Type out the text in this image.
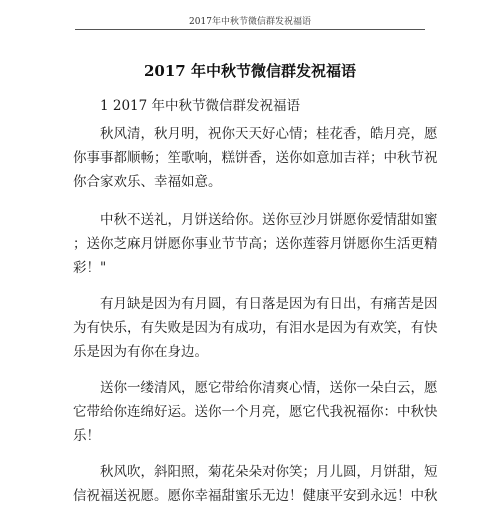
2017年中秋节微信群发祝福语
2017 年中秋节微信群发祝福语
1 2017 年中秋节微信群发祝福语
秋风清，秋月明，祝你天天好心情；桂花香，皓月亮，愿
你事事都顺畅；笙歌响，糕饼香，送你如意加吉祥；中秋节祝
你合家欢乐、幸福如意。
中秋不送礼，月饼送给你。送你豆沙月饼愿你爱情甜如蜜
；送你芝麻月饼愿你事业节节高；送你莲蓉月饼愿你生活更精
彩！"
有月缺是因为有月圆，有日落是因为有日出，有痛苦是因
为有快乐，有失败是因为有成功，有泪水是因为有欢笑，有快
乐是因为有你在身边。
送你一缕清风，愿它带给你清爽心情，送你一朵白云，愿
它带给你连绵好运。送你一个月亮，愿它代我祝福你：中秋快
乐！
秋风吹，斜阳照，菊花朵朵对你笑；月儿圆，月饼甜，短
信祝福送祝愿。愿你幸福甜蜜乐无边！健康平安到永远！中秋
